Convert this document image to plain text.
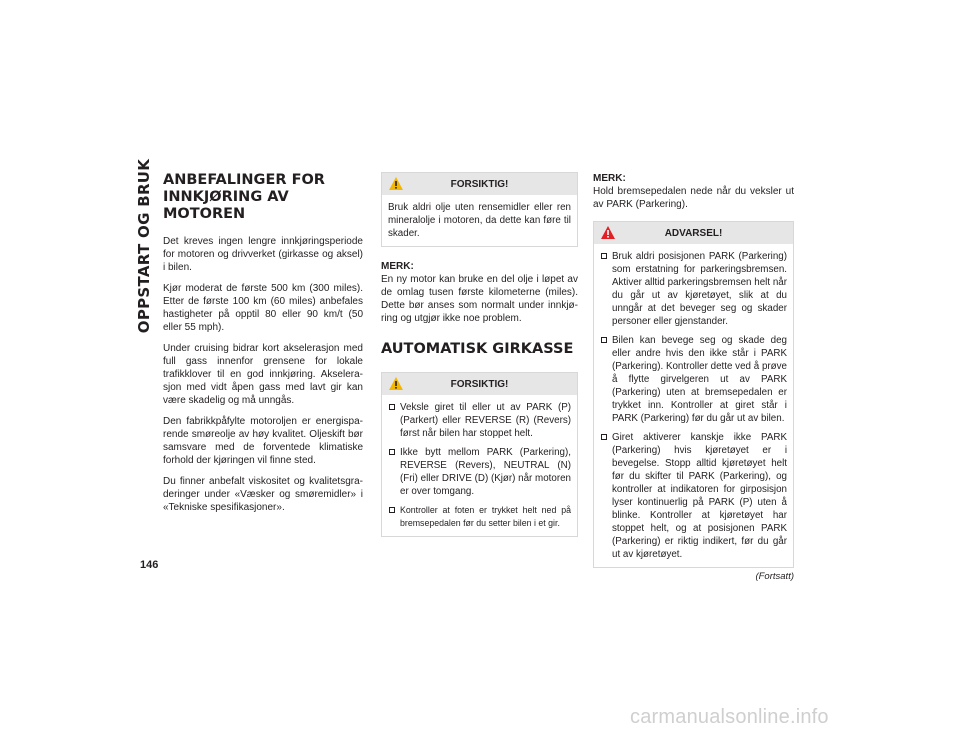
OPPSTART OG BRUK
146
ANBEFALINGER FOR INNKJØRING AV MOTOREN

Det kreves ingen lengre innkjøringsperiode for motoren og drivverket (girkasse og aksel) i bilen.

Kjør moderat de første 500 km (300 miles). Etter de første 100 km (60 miles) anbefales hastigheter på opptil 80 eller 90 km/t (50 eller 55 mph).

Under cruising bidrar kort akselerasjon med full gass innenfor grensene for lokale trafikklover til en god innkjøring. Akselerasjon med vidt åpen gass med lavt gir kan være skadelig og må unngås.

Den fabrikkpåfylte motoroljen er energisparende smøreolje av høy kvalitet. Oljeskift bør samsvare med de forventede klimatiske forhold der kjøringen vil finne sted.

Du finner anbefalt viskositet og kvalitetsgraderinger under «Væsker og smøremidler» i «Tekniske spesifikasjoner».

FORSIKTIG!

Bruk aldri olje uten rensemidler eller ren mineralolje i motoren, da dette kan føre til skader.

MERK:

En ny motor kan bruke en del olje i løpet av de omlag tusen første kilometerne (miles). Dette bør anses som normalt under innkjøring og utgjør ikke noe problem.

AUTOMATISK GIRKASSE
FORSIKTIG!
Veksle giret til eller ut av PARK (P) (Parkert) eller REVERSE (R) (Revers) først når bilen har stoppet helt.
Ikke bytt mellom PARK (Parkering), REVERSE (Revers), NEUTRAL (N) (Fri) eller DRIVE (D) (Kjør) når motoren er over tomgang.
Kontroller at foten er trykket helt ned på bremsepedalen før du setter bilen i et gir.
MERK:

Hold bremsepedalen nede når du veksler ut av PARK (Parkering).

ADVARSEL!
Bruk aldri posisjonen PARK (Parkering) som erstatning for parkeringsbremsen. Aktiver alltid parkeringsbremsen helt når du går ut av kjøretøyet, slik at du unngår at det beveger seg og skader personer eller gjenstander.
Bilen kan bevege seg og skade deg eller andre hvis den ikke står i PARK (Parkering). Kontroller dette ved å prøve å flytte girvelgeren ut av PARK (Parkering) uten at bremsepedalen er trykket inn. Kontroller at giret står i PARK (Parkering) før du går ut av bilen.
Giret aktiverer kanskje ikke PARK (Parkering) hvis kjøretøyet er i bevegelse. Stopp alltid kjøretøyet helt før du skifter til PARK (Parkering), og kontroller at indikatoren for girposisjon lyser kontinuerlig på PARK (P) uten å blinke. Kontroller at kjøretøyet har stoppet helt, og at posisjonen PARK (Parkering) er riktig indikert, før du går ut av kjøretøyet.
(Fortsatt)
carmanualsonline.info
